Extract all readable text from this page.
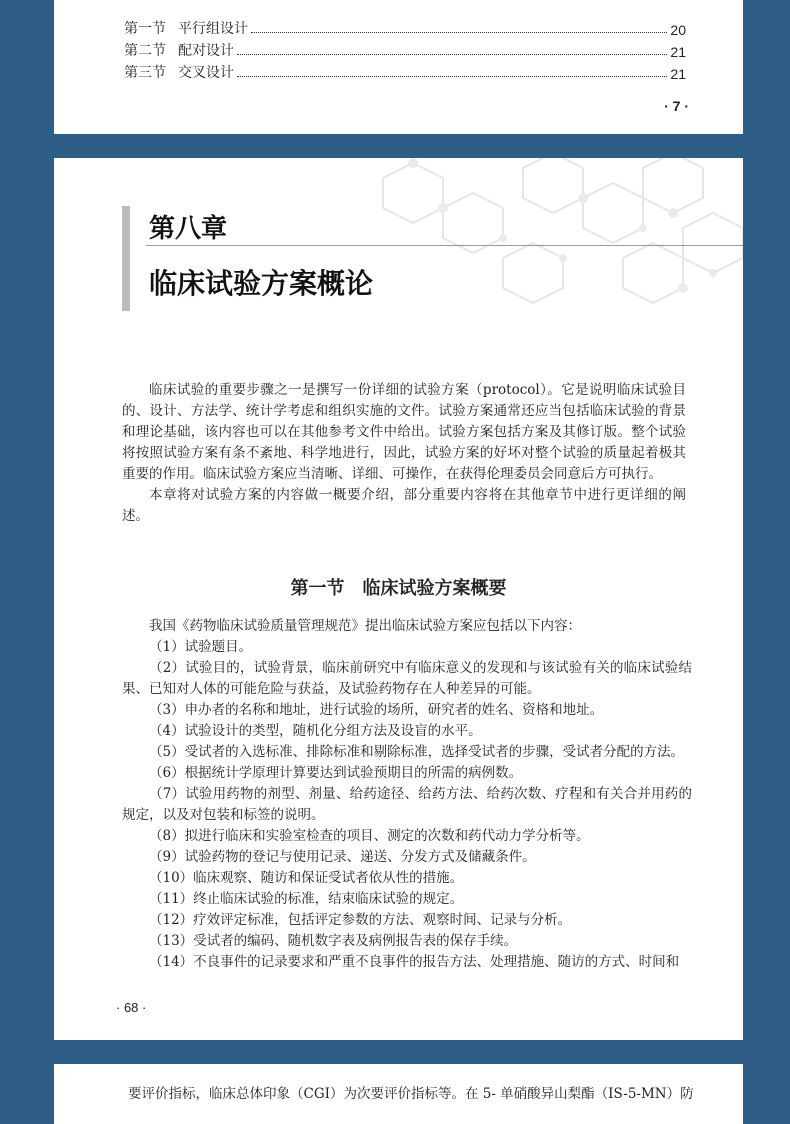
第一节 平行组设计	20
第二节 配对设计	21
第三节 交叉设计	21
· 7 ·
第八章
临床试验方案概论

临床试验的重要步骤之一是撰写一份详细的试验方案（protocol）。它是说明临床试验目的、设计、方法学、统计学考虑和组织实施的文件。试验方案通常还应当包括临床试验的背景和理论基础，该内容也可以在其他参考文件中给出。试验方案包括方案及其修订版。整个试验将按照试验方案有条不紊地、科学地进行，因此，试验方案的好坏对整个试验的质量起着极其重要的作用。临床试验方案应当清晰、详细、可操作，在获得伦理委员会同意后方可执行。

本章将对试验方案的内容做一概要介绍，部分重要内容将在其他章节中进行更详细的阐述。

第一节　临床试验方案概要

我国《药物临床试验质量管理规范》提出临床试验方案应包括以下内容：

（1）试验题目。

（2）试验目的，试验背景，临床前研究中有临床意义的发现和与该试验有关的临床试验结果、已知对人体的可能危险与获益，及试验药物存在人种差异的可能。

（3）申办者的名称和地址，进行试验的场所，研究者的姓名、资格和地址。

（4）试验设计的类型，随机化分组方法及设盲的水平。

（5）受试者的入选标准、排除标准和剔除标准，选择受试者的步骤，受试者分配的方法。

（6）根据统计学原理计算要达到试验预期目的所需的病例数。

（7）试验用药物的剂型、剂量、给药途径、给药方法、给药次数、疗程和有关合并用药的规定，以及对包装和标签的说明。

（8）拟进行临床和实验室检查的项目、测定的次数和药代动力学分析等。

（9）试验药物的登记与使用记录、递送、分发方式及储藏条件。

（10）临床观察、随访和保证受试者依从性的措施。

（11）终止临床试验的标准，结束临床试验的规定。

（12）疗效评定标准，包括评定参数的方法、观察时间、记录与分析。

（13）受试者的编码、随机数字表及病例报告表的保存手续。

（14）不良事件的记录要求和严重不良事件的报告方法、处理措施、随访的方式、时间和

· 68 ·
要评价指标，临床总体印象（CGI）为次要评价指标等。在 5- 单硝酸异山梨酯（IS-5-MN）防
